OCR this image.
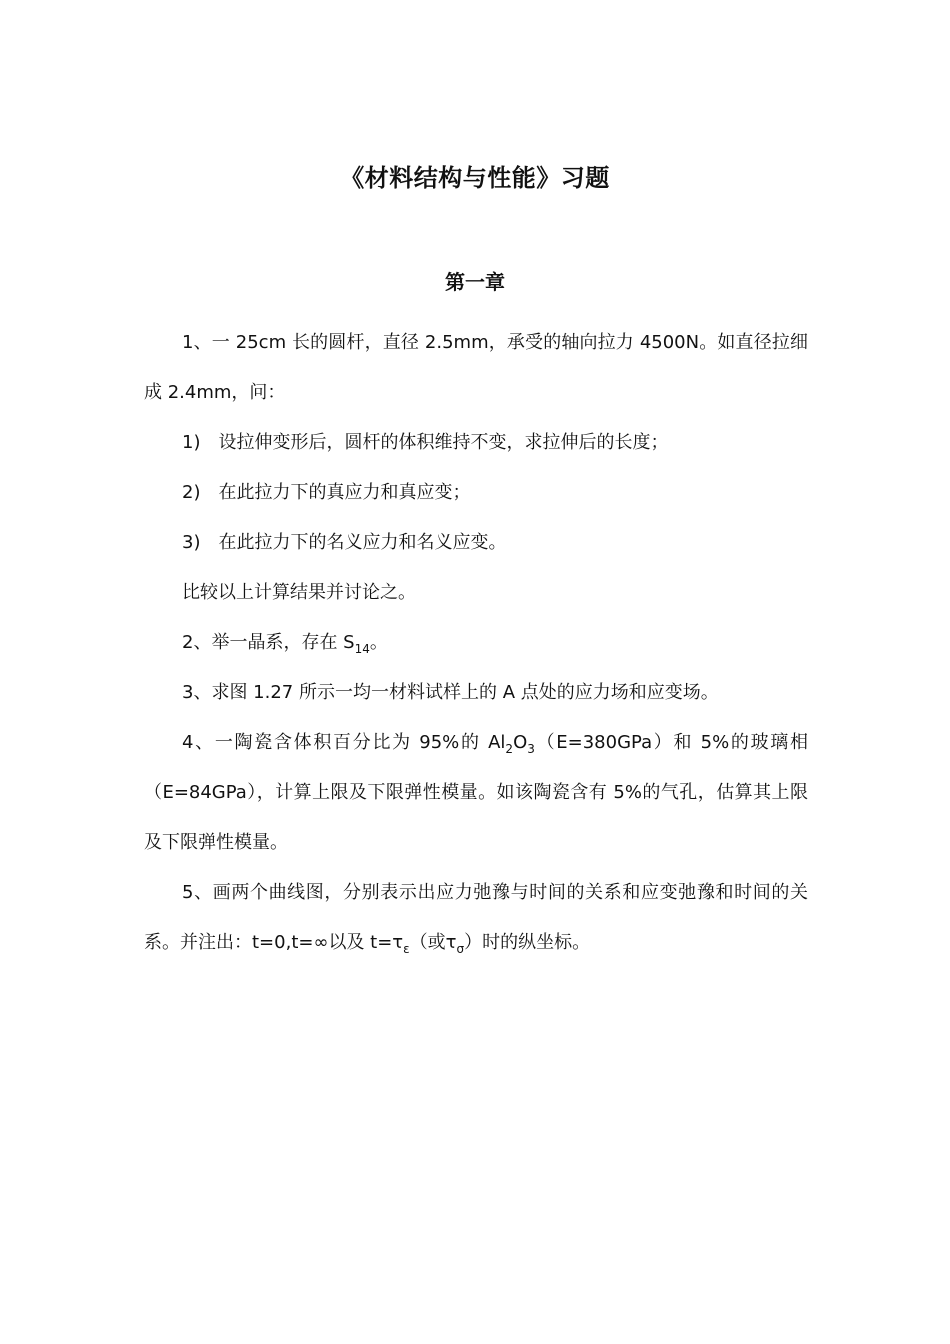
《材料结构与性能》习题
第一章

1、一 25cm 长的圆杆，直径 2.5mm，承受的轴向拉力 4500N。如直径拉细成 2.4mm，问：

1) 设拉伸变形后，圆杆的体积维持不变，求拉伸后的长度；

2) 在此拉力下的真应力和真应变；

3) 在此拉力下的名义应力和名义应变。

比较以上计算结果并讨论之。

2、举一晶系，存在 $S_{14}$。

3、求图 1.27 所示一均一材料试样上的 A 点处的应力场和应变场。

4、一陶瓷含体积百分比为 95%的 $Al_2O_3(E=380GPa)$和 5%的玻璃相（E=84GPa），计算上限及下限弹性模量。如该陶瓷含有 5%的气孔，估算其上限及下限弹性模量。

5、画两个曲线图，分别表示出应力弛豫与时间的关系和应变弛豫和时间的关系。并注出：t=0,t=∞以及 $t=\tau_\varepsilon$（或$\tau_\sigma$）时的纵坐标。
